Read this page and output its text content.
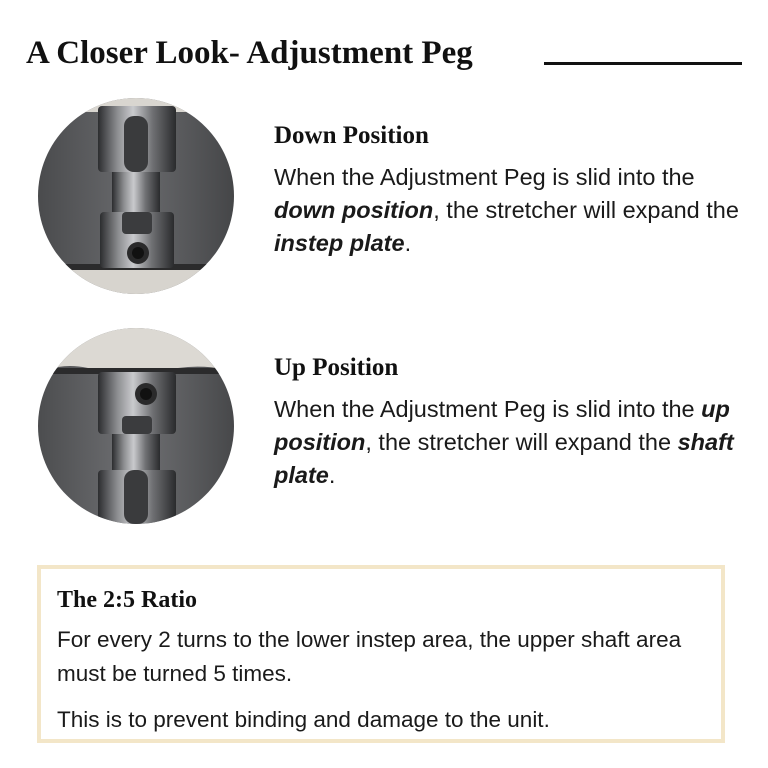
A Closer Look- Adjustment Peg
Down Position

When the Adjustment Peg is slid into the down position, the stretcher will expand the instep plate.

Up Position

When the Adjustment Peg is slid into the up position, the stretcher will expand the shaft plate.

The 2:5 Ratio

For every 2 turns to the lower instep area, the upper shaft area must be turned 5 times.

This is to prevent binding and damage to the unit.
